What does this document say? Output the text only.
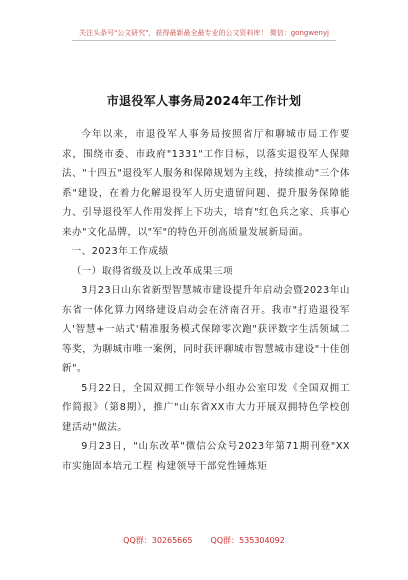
关注头条号"公文研究"，获得最新最全最专业的公文资料库！ 微信：gongwenyj
市退役军人事务局2024年工作计划

今年以来，市退役军人事务局按照省厅和聊城市局工作要求，围绕市委、市政府"1331"工作目标，以落实退役军人保障法、"十四五"退役军人服务和保障规划为主线，持续推动"三个体系"建设，在着力化解退役军人历史遗留问题、提升服务保障能力、引导退役军人作用发挥上下功夫，培育"红色兵之家、兵事心来办"文化品牌，以"军"的特色开创高质量发展新局面。

一、2023年工作成绩

（一）取得省级及以上改革成果三项

3月23日山东省新型智慧城市建设提升年启动会暨2023年山东省一体化算力网络建设启动会在济南召开。我市"打造退役军人'智慧+一站式'精准服务模式保障零次跑"获评数字生活领域二等奖，为聊城市唯一案例，同时获评聊城市智慧城市建设"十佳创新"。

5月22日，全国双拥工作领导小组办公室印发《全国双拥工作简报》（第8期），推广"山东省XX市大力开展双拥特色学校创建活动"做法。

9月23日，"山东改革"微信公众号2023年第71期刊登"XX市实施固本培元工程 构建领导干部党性锤炼矩

QQ群：30265665 QQ群：535304092
